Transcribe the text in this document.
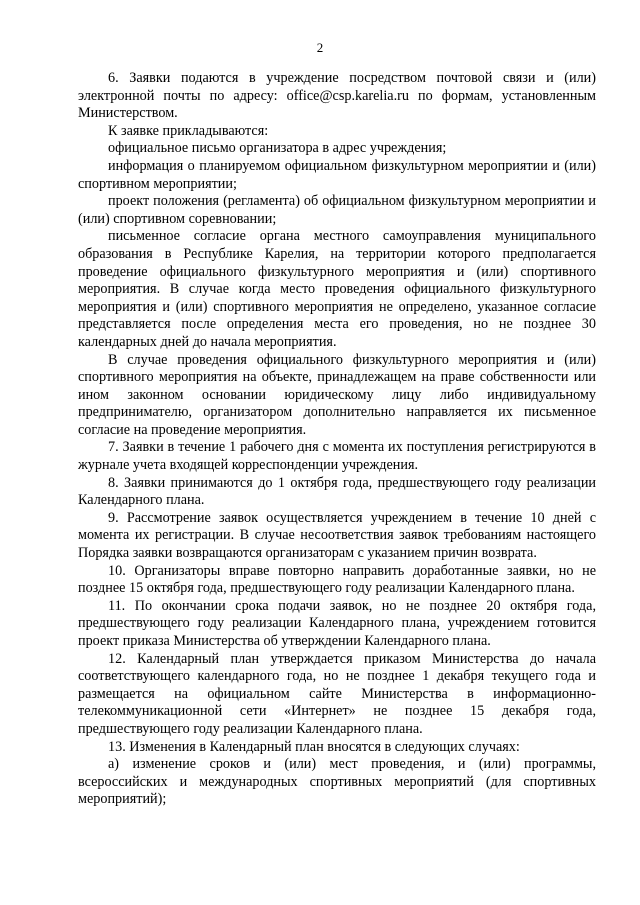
2

6. Заявки подаются в учреждение посредством почтовой связи и (или) электронной почты по адресу: office@csp.karelia.ru по формам, установленным Министерством.

К заявке прикладываются:

официальное письмо организатора в адрес учреждения;

информация о планируемом официальном физкультурном мероприятии и (или) спортивном мероприятии;

проект положения (регламента) об официальном физкультурном мероприятии и (или) спортивном соревновании;

письменное согласие органа местного самоуправления муниципального образования в Республике Карелия, на территории которого предполагается проведение официального физкультурного мероприятия и (или) спортивного мероприятия. В случае когда место проведения официального физкультурного мероприятия и (или) спортивного мероприятия не определено, указанное согласие представляется после определения места его проведения, но не позднее 30 календарных дней до начала мероприятия.

В случае проведения официального физкультурного мероприятия и (или) спортивного мероприятия на объекте, принадлежащем на праве собственности или ином законном основании юридическому лицу либо индивидуальному предпринимателю, организатором дополнительно направляется их письменное согласие на проведение мероприятия.

7. Заявки в течение 1 рабочего дня с момента их поступления регистрируются в журнале учета входящей корреспонденции учреждения.

8. Заявки принимаются до 1 октября года, предшествующего году реализации Календарного плана.

9. Рассмотрение заявок осуществляется учреждением в течение 10 дней с момента их регистрации. В случае несоответствия заявок требованиям настоящего Порядка заявки возвращаются организаторам с указанием причин возврата.

10. Организаторы вправе повторно направить доработанные заявки, но не позднее 15 октября года, предшествующего году реализации Календарного плана.

11. По окончании срока подачи заявок, но не позднее 20 октября года, предшествующего году реализации Календарного плана, учреждением готовится проект приказа Министерства об утверждении Календарного плана.

12. Календарный план утверждается приказом Министерства до начала соответствующего календарного года, но не позднее 1 декабря текущего года и размещается на официальном сайте Министерства в информационно-телекоммуникационной сети «Интернет» не позднее 15 декабря года, предшествующего году реализации Календарного плана.

13. Изменения в Календарный план вносятся в следующих случаях:

а) изменение сроков и (или) мест проведения, и (или) программы, всероссийских и международных спортивных мероприятий (для спортивных мероприятий);
